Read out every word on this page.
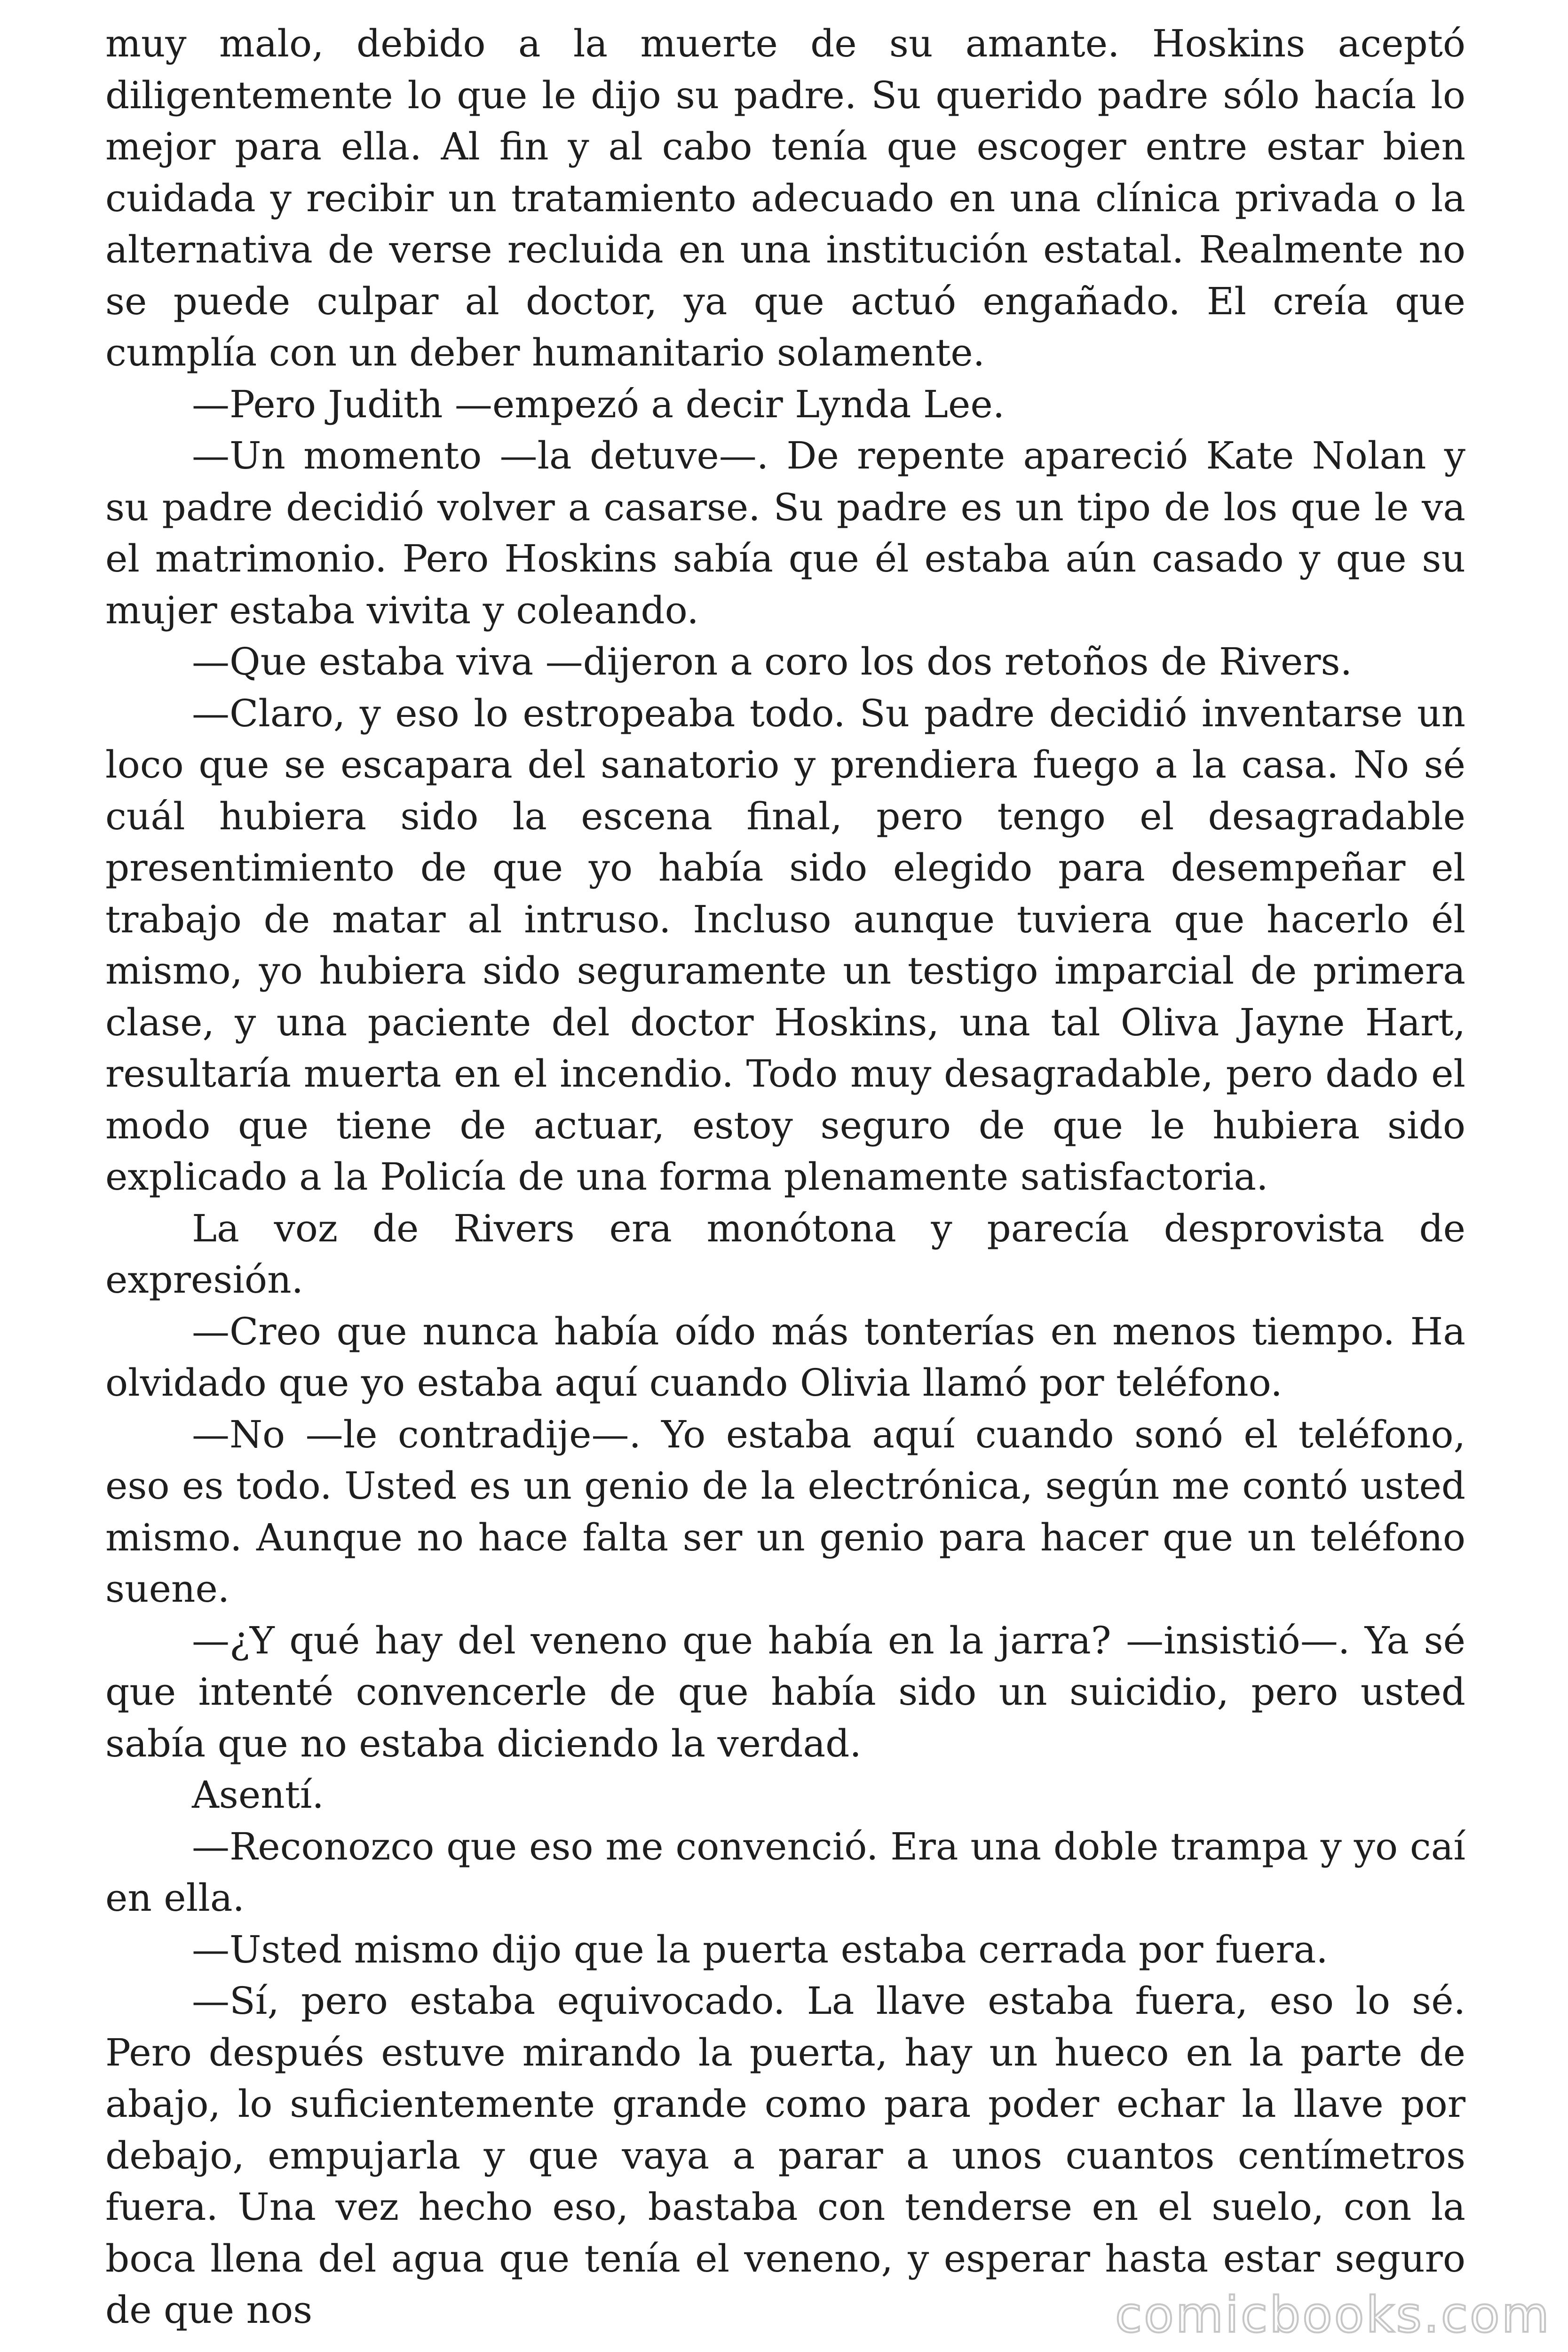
muy malo, debido a la muerte de su amante. Hoskins aceptó diligentemente lo que le dijo su padre. Su querido padre sólo hacía lo mejor para ella. Al fin y al cabo tenía que escoger entre estar bien cuidada y recibir un tratamiento adecuado en una clínica privada o la alternativa de verse recluida en una institución estatal. Realmente no se puede culpar al doctor, ya que actuó engañado. El creía que cumplía con un deber humanitario solamente.

—Pero Judith —empezó a decir Lynda Lee.

—Un momento —la detuve—. De repente apareció Kate Nolan y su padre decidió volver a casarse. Su padre es un tipo de los que le va el matrimonio. Pero Hoskins sabía que él estaba aún casado y que su mujer estaba vivita y coleando.

—Que estaba viva —dijeron a coro los dos retoños de Rivers.

—Claro, y eso lo estropeaba todo. Su padre decidió inventarse un loco que se escapara del sanatorio y prendiera fuego a la casa. No sé cuál hubiera sido la escena final, pero tengo el desagradable presentimiento de que yo había sido elegido para desempeñar el trabajo de matar al intruso. Incluso aunque tuviera que hacerlo él mismo, yo hubiera sido seguramente un testigo imparcial de primera clase, y una paciente del doctor Hoskins, una tal Oliva Jayne Hart, resultaría muerta en el incendio. Todo muy desagradable, pero dado el modo que tiene de actuar, estoy seguro de que le hubiera sido explicado a la Policía de una forma plenamente satisfactoria.

La voz de Rivers era monótona y parecía desprovista de expresión.

—Creo que nunca había oído más tonterías en menos tiempo. Ha olvidado que yo estaba aquí cuando Olivia llamó por teléfono.

—No —le contradije—. Yo estaba aquí cuando sonó el teléfono, eso es todo. Usted es un genio de la electrónica, según me contó usted mismo. Aunque no hace falta ser un genio para hacer que un teléfono suene.

—¿Y qué hay del veneno que había en la jarra? —insistió—. Ya sé que intenté convencerle de que había sido un suicidio, pero usted sabía que no estaba diciendo la verdad.

Asentí.

—Reconozco que eso me convenció. Era una doble trampa y yo caí en ella.

—Usted mismo dijo que la puerta estaba cerrada por fuera.

—Sí, pero estaba equivocado. La llave estaba fuera, eso lo sé. Pero después estuve mirando la puerta, hay un hueco en la parte de abajo, lo suficientemente grande como para poder echar la llave por debajo, empujarla y que vaya a parar a unos cuantos centímetros fuera. Una vez hecho eso, bastaba con tenderse en el suelo, con la boca llena del agua que tenía el veneno, y esperar hasta estar seguro de que nos	comicbooks.com
